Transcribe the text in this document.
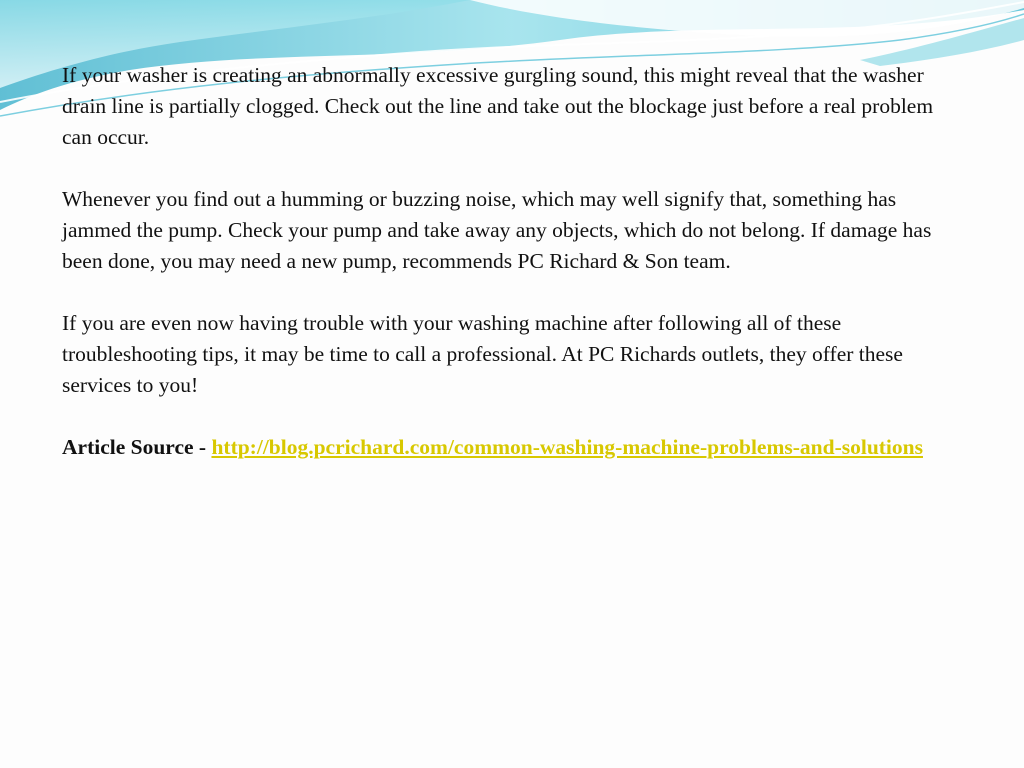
If your washer is creating an abnormally excessive gurgling sound, this might reveal that the washer drain line is partially clogged. Check out the line and take out the blockage just before a real problem can occur.

Whenever you find out a humming or buzzing noise, which may well signify that, something has jammed the pump. Check your pump and take away any objects, which do not belong. If damage has been done, you may need a new pump, recommends PC Richard & Son team.

If you are even now having trouble with your washing machine after following all of these troubleshooting tips, it may be time to call a professional. At PC Richards outlets, they offer these services to you!

Article Source - http://blog.pcrichard.com/common-washing-machine-problems-and-solutions
